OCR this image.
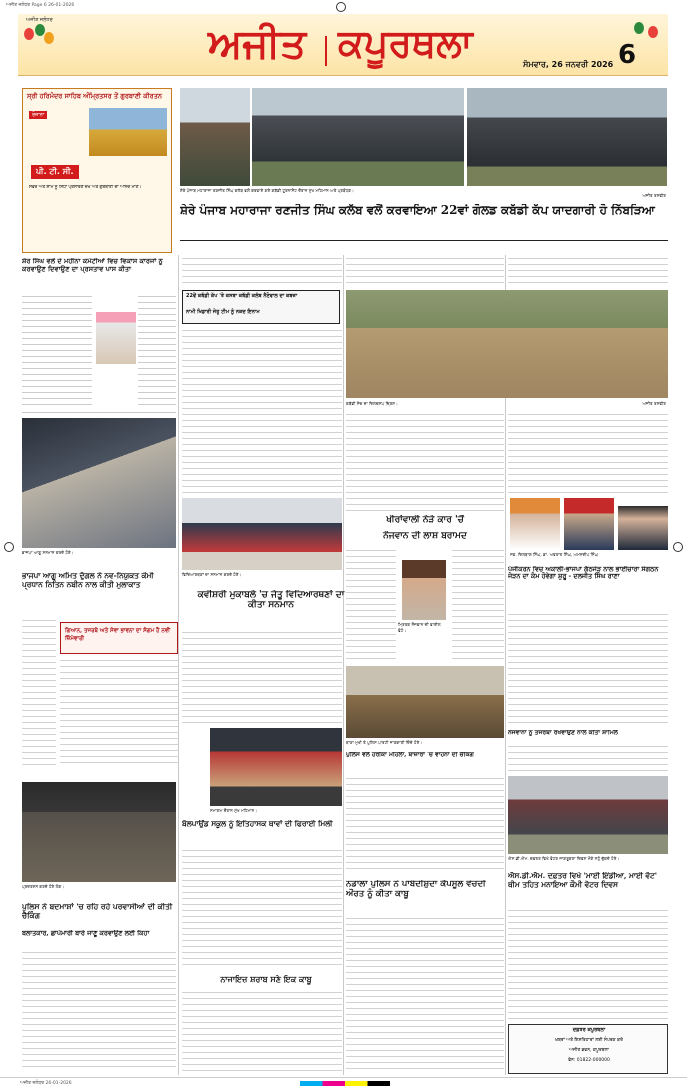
ਅਜੀਤ ਜਲੰਧਰ Page 6 26-01-2026
ਅਜੀਤ ਜਲੰਧਰ	ਅਜੀਤ ਕਪੂਰਥਲਾ	ਸੋਮਵਾਰ, 26 ਜਨਵਰੀ 2026 6
ਸ੍ਰੀ ਹਰਿਮੰਦਰ ਸਾਹਿਬ ਅੰਮ੍ਰਿਤਸਰ ਤੋਂ ਗੁਰਬਾਣੀ ਕੀਰਤਨ
ਰੋਜ਼ਾਨਾ
ਪੀ. ਟੀ. ਸੀ.
ਸਵੇਰੇ ਅਤੇ ਸ਼ਾਮ ਨੂੰ ਸਿੱਧਾ ਪ੍ਰਸਾਰਣ ਦੇਖੋ ਅਤੇ ਗੁਰਬਾਣੀ ਦਾ ਆਨੰਦ ਮਾਣੋ।
ਸ਼ੇਰੇ ਪੰਜਾਬ ਮਹਾਰਾਜਾ ਰਣਜੀਤ ਸਿੰਘ ਕਲੱਬ ਵਲੋਂ ਕਰਵਾਏ ਗਏ ਕਬੱਡੀ ਟੂਰਨਾਮੈਂਟ ਦੌਰਾਨ ਮੁੱਖ ਮਹਿਮਾਨ ਅਤੇ ਪ੍ਰਬੰਧਕ।
ਅਜੀਤ ਤਸਵੀਰ
ਸ਼ੇਰੇ ਪੰਜਾਬ ਮਹਾਰਾਜਾ ਰਣਜੀਤ ਸਿੰਘ ਕਲੱਬ ਵਲੋਂ ਕਰਵਾਇਆ 22ਵਾਂ ਗੋਲਡ ਕਬੱਡੀ ਕੱਪ ਯਾਦਗਾਰੀ ਹੋ ਨਿੱਬੜਿਆ
ਸ਼ੇਰ ਸਿੰਘ ਵਲੋਂ ਦੋ ਮਹੀਨਾ ਕਮੇਟੀਆਂ ਵਿਚ ਵਿਕਾਸ ਕਾਰਜਾਂ ਨੂੰ ਕਰਵਾਉਣ ਦਿਵਾਉਣ ਦਾ ਪ੍ਰਸਤਾਵ ਪਾਸ ਕੀਤਾ
ਭਾਜਪਾ ਆਗੂ ਸਨਮਾਨ ਕਰਦੇ ਹੋਏ।
ਭਾਜਪਾ ਆਗੂ ਅਮਿਤ ਦੁੱਗਲ ਨੇ ਨਵ-ਨਿਯੁਕਤ ਕੌਮੀ ਪ੍ਰਧਾਨ ਨਿਤਿਨ ਨਬੀਨ ਨਾਲ ਕੀਤੀ ਮੁਲਾਕਾਤ
ਗਿਆਨ, ਤਜਰਬੇ ਅਤੇ ਸੇਵਾ ਭਾਵਨਾ ਦਾ ਸੰਗਮ ਹੈ ਨਵੀਂ ਜ਼ਿੰਮੇਵਾਰੀ
ਪ੍ਰਦਰਸ਼ਨ ਕਰਦੇ ਹੋਏ ਲੋਕ।
ਪੁਲਿਸ ਨੇ ਬਦਮਾਸ਼ਾਂ 'ਚ ਰਹਿ ਰਹੇ ਪਰਵਾਸੀਆਂ ਦੀ ਕੀਤੀ ਚੈਕਿੰਗ
ਬਲਾਤਕਾਰ, ਛਾਪੇਮਾਰੀ ਬਾਰੇ ਜਾਣੂ ਕਰਵਾਉਣ ਲਈ ਕਿਹਾ
22ਵੇਂ ਕਬੱਡੀ ਕੱਪ 'ਤੇ ਕਸਬਾ ਕਬੱਡੀ ਕਲੱਬ ਨੈਣੋਵਾਲ ਦਾ ਕਬਜ਼ਾ
ਨਾਮੀ ਖਿਡਾਰੀ ਜੇਤੂ ਟੀਮ ਨੂੰ ਨਕਦ ਇਨਾਮ
ਕਬੱਡੀ ਮੈਚ ਦਾ ਦਿਲਚਸਪ ਦ੍ਰਿਸ਼।	ਅਜੀਤ ਤਸਵੀਰ
ਵਿਦਿਆਰਥਣਾਂ ਦਾ ਸਨਮਾਨ ਕਰਦੇ ਹੋਏ।
ਕਵੀਸ਼ਰੀ ਮੁਕਾਬਲੇ 'ਚ ਜੇਤੂ ਵਿਦਿਆਰਥਣਾਂ ਦਾ ਕੀਤਾ ਸਨਮਾਨ
ਸਮਾਗਮ ਦੌਰਾਨ ਮੁੱਖ ਮਹਿਮਾਨ।
ਬੋਲਪਾਉਂਡ ਸਕੂਲ ਨੂੰ ਇਤਿਹਾਸਕ ਥਾਵਾਂ ਦੀ ਫਿਰਾਈ ਮਿਲੀ
ਨਾਜਾਇਜ਼ ਸ਼ਰਾਬ ਸਣੇ ਇਕ ਕਾਬੂ
ਖੀਰਾਂਵਾਲੀ ਨੇੜੇ ਕਾਰ 'ਚੋਂ
ਨੌਜਵਾਨ ਦੀ ਲਾਸ਼ ਬਰਾਮਦ
ਮ੍ਰਿਤਕ ਨੌਜਵਾਨ ਦੀ ਫਾਈਲ ਫੋਟੋ।
ਥਾਣਾ ਮੁਖੀ ਤੇ ਪੁਲਿਸ ਪਾਰਟੀ ਜਾਣਕਾਰੀ ਦਿੰਦੇ ਹੋਏ।
ਪੁਲਿਸ ਵਲੋਂ ਹਰੀਕਾ ਮਹਿਲਾ, ਬਾਜ਼ਾਰਾਂ 'ਚ ਵਾਹਨਾਂ ਦੀ ਚੈਕਿੰਗ
ਨਡਾਲਾ ਪੁਲਿਸ ਨੇ ਪਾਬੰਦੀਸ਼ੁਦਾ ਕੈਪਸੂਲ ਵੇਚਦੀ ਔਰਤ ਨੂੰ ਕੀਤਾ ਕਾਬੂ
ਸਵ. ਦਿਲਬਾਗ ਸਿੰਘ, ਡਾ. ਅਵਤਾਰ ਸਿੰਘ, ਅਮਨਦੀਪ ਸਿੰਘ
ਪੰਜੀਕਰਨ ਵਿਚ ਅਕਾਲੀ-ਭਾਜਪਾ ਗੱਠਜੋੜ ਨਾਲ ਭਾਈਚਾਰਾ ਸੰਗਠਨ ਜੋੜਨ ਦਾ ਕੰਮ ਹੋਵੇਗਾ ਸ਼ੁਰੂ - ਦਲਜੀਤ ਸਿੰਘ ਰਾਣਾ
ਨੌਜਵਾਨਾਂ ਨੂੰ ਤਜਰਬਾ ਰਖਵਾਉਣ ਨਾਲ ਕੀਤਾ ਸ਼ਾਮਿਲ
ਐਸ.ਡੀ.ਐਮ. ਦਫ਼ਤਰ ਵਿਖੇ ਵੋਟਰ ਜਾਗਰੂਕਤਾ ਦਿਵਸ ਮੌਕੇ ਸਹੁੰ ਚੁੱਕਦੇ ਹੋਏ।
ਐਸ.ਡੀ.ਐਮ. ਦਫ਼ਤਰ ਵਿਖੇ 'ਮਾਈ ਇੰਡੀਆ, ਮਾਈ ਵੋਟ' ਥੀਮ ਤਹਿਤ ਮਨਾਇਆ ਕੌਮੀ ਵੋਟਰ ਦਿਵਸ
ਦਫ਼ਤਰ ਕਪੂਰਥਲਾ
ਖ਼ਬਰਾਂ ਅਤੇ ਇਸ਼ਤਿਹਾਰਾਂ ਲਈ ਸੰਪਰਕ ਕਰੋ
ਅਜੀਤ ਭਵਨ, ਕਪੂਰਥਲਾ
ਫੋਨ: 01822-000000
ਅਜੀਤ ਜਲੰਧਰ 26-01-2026
